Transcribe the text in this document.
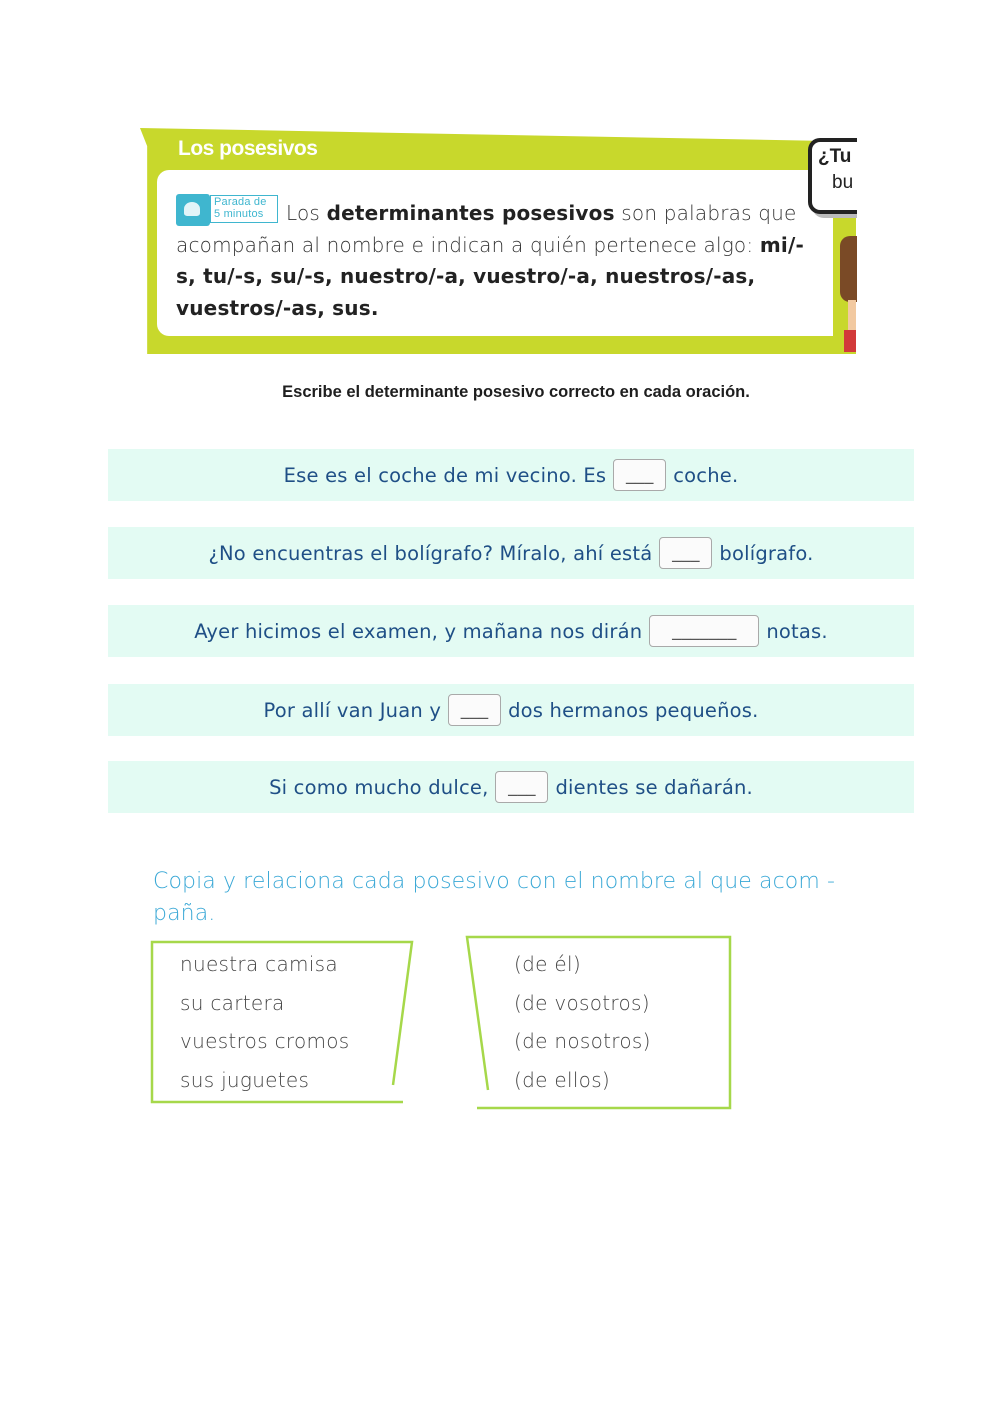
Los posesivos
Parada de
5 minutos	Los determinantes posesivos son palabras que acompañan al nombre e indican a quién pertenece algo: mi/-s, tu/-s, su/-s, nuestro/-a, vuestro/-a, nuestros/-as, vuestros/-as, sus.
¿Tu
bu
Escribe el determinante posesivo correcto en cada oración.
Ese es el coche de mi vecino. Es	___	coche.
¿No encuentras el bolígrafo? Míralo, ahí está	___	bolígrafo.
Ayer hicimos el examen, y mañana nos dirán	_______	notas.
Por allí van Juan y	___	dos hermanos pequeños.
Si como mucho dulce,	___	dientes se dañarán.
Copia y relaciona cada posesivo con el nombre al que acom - paña.
nuestra camisa
su cartera
vuestros cromos
sus juguetes
(de él)
(de vosotros)
(de nosotros)
(de ellos)
